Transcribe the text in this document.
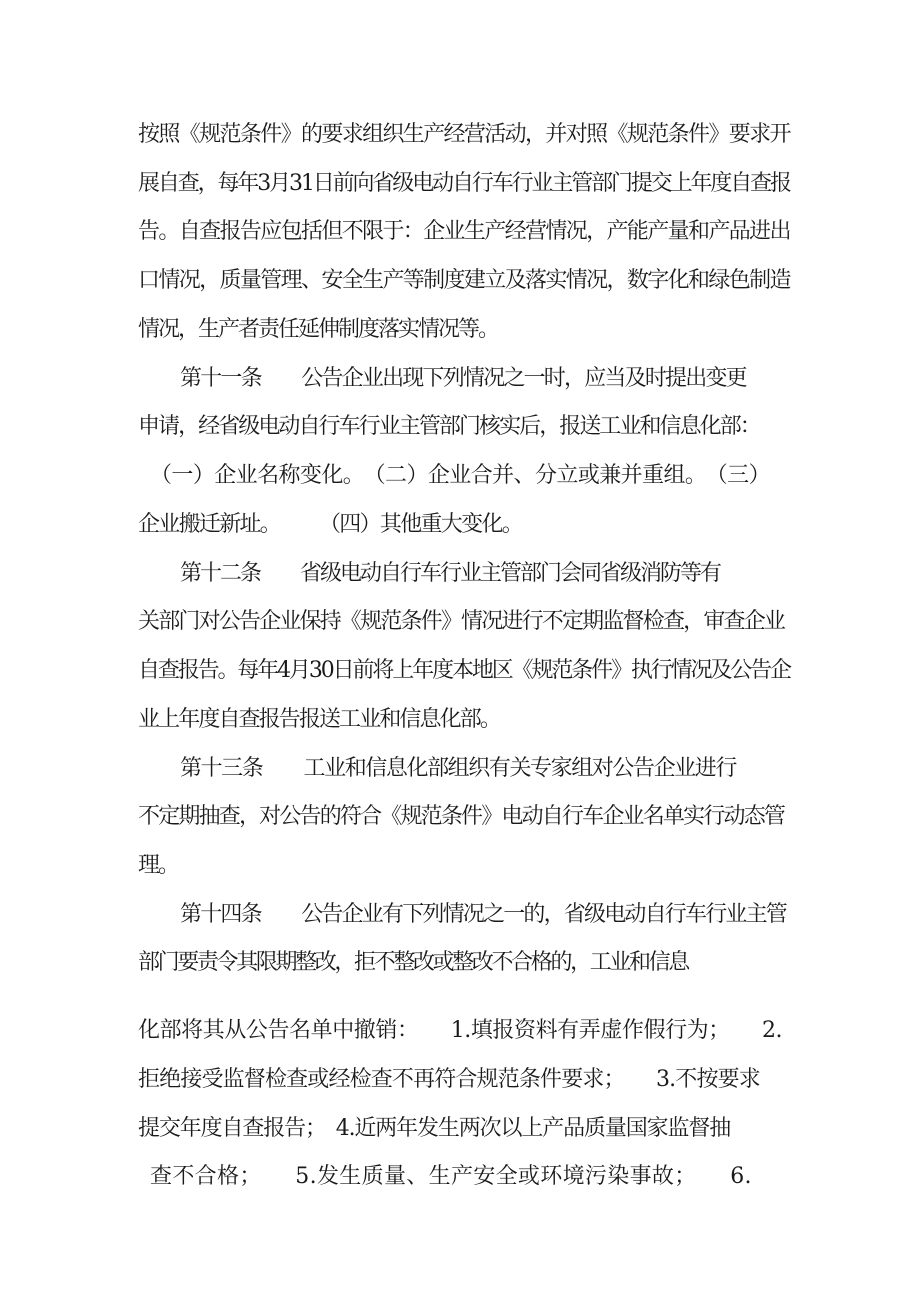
按照《规范条件》的要求组织生产经营活动，并对照《规范条件》要求开
展自查，每年3月31日前向省级电动自行车行业主管部门提交上年度自查报
告。自查报告应包括但不限于：企业生产经营情况，产能产量和产品进出
口情况，质量管理、安全生产等制度建立及落实情况，数字化和绿色制造
情况，生产者责任延伸制度落实情况等。
第十一条　　公告企业出现下列情况之一时，应当及时提出变更
申请，经省级电动自行车行业主管部门核实后，报送工业和信息化部：
（一）企业名称变化。　（二）企业合并、分立或兼并重组。　（三）
企业搬迁新址。　　　（四）其他重大变化。
第十二条　　省级电动自行车行业主管部门会同省级消防等有
关部门对公告企业保持《规范条件》情况进行不定期监督检查，审查企业
自查报告。每年4月30日前将上年度本地区《规范条件》执行情况及公告企
业上年度自查报告报送工业和信息化部。
第十三条　　工业和信息化部组织有关专家组对公告企业进行
不定期抽查，对公告的符合《规范条件》电动自行车企业名单实行动态管
理。
第十四条　　公告企业有下列情况之一的，省级电动自行车行业主管
部门要责令其限期整改，拒不整改或整改不合格的，工业和信息
化部将其从公告名单中撤销：　　1.填报资料有弄虚作假行为；　　2.
拒绝接受监督检查或经检查不再符合规范条件要求；　　3.不按要求
提交年度自查报告；　4.近两年发生两次以上产品质量国家监督抽
查不合格；　　5.发生质量、生产安全或环境污染事故；　　6.
